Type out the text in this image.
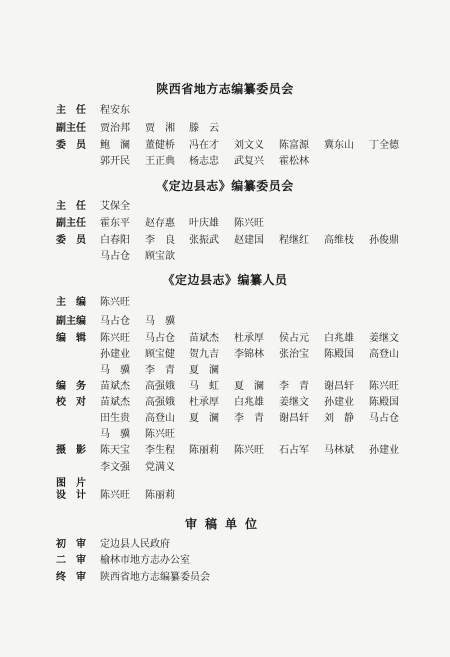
陕西省地方志编纂委员会
主　任	程安东
副主任	贾治邦 贾　湘 滕　云
委　员	鲍　澜 董健桥 冯在才 刘文义 陈富源 冀东山 丁全德
郭开民 王正典 杨志忠 武复兴 霍松林
《定边县志》编纂委员会
主　任	艾保全
副主任	霍东平 赵存惠 叶庆雄 陈兴旺
委　员	白春阳 李　良 张振武 赵建国 程继红 高维枝 孙俊鼎
马占仓 顾宝歆
《定边县志》编纂人员
主　编	陈兴旺
副主编	马占仓 马　骥
编　辑	陈兴旺 马占仓 苗斌杰 杜承厚 侯占元 白兆雄 姜继文
孙建业 顾宝健 贺九吉 李锦林 张治宝 陈殿国 高登山
马　骥 李　青 夏　澜
编　务	苗斌杰 高强娥 马　虹 夏　澜 李　青 谢昌轩 陈兴旺
校　对	苗斌杰 高强娥 杜承厚 白兆雄 姜继文 孙建业 陈殿国
田生贵 高登山 夏　澜 李　青 谢昌轩 刘　静 马占仓
马　骥 陈兴旺
摄　影	陈天宝 李生程 陈丽莉 陈兴旺 石占军 马林斌 孙建业
李文强 党满义
图　片
设　计	陈兴旺 陈丽莉
审稿单位
初　审	定边县人民政府
二　审	榆林市地方志办公室
终　审	陕西省地方志编纂委员会
